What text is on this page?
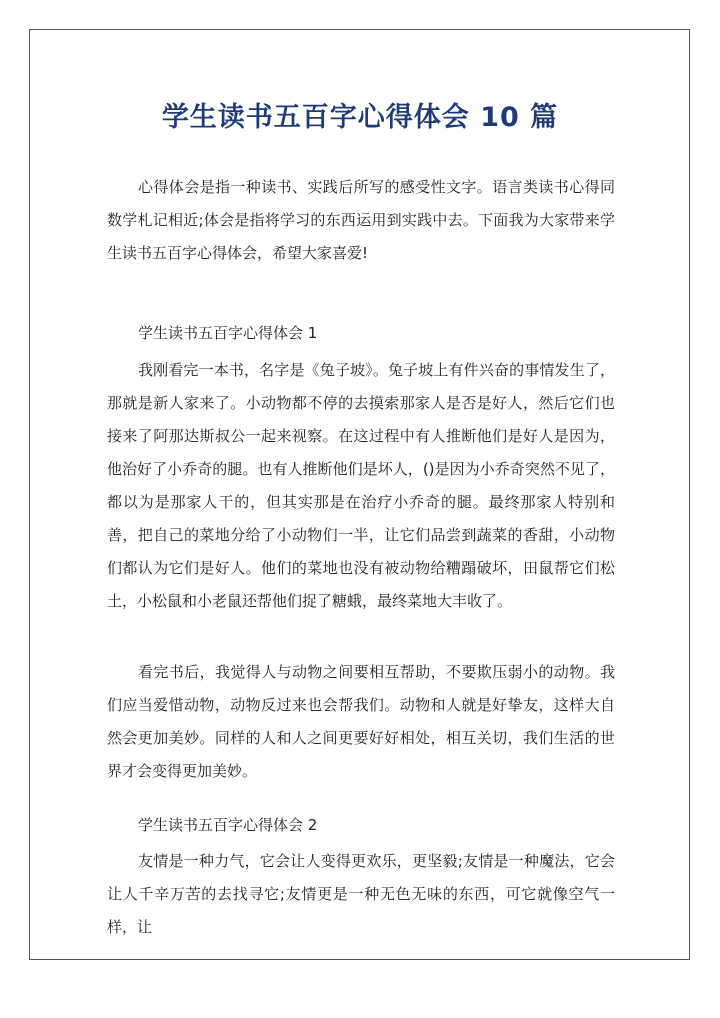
学生读书五百字心得体会 10 篇

心得体会是指一种读书、实践后所写的感受性文字。语言类读书心得同数学札记相近;体会是指将学习的东西运用到实践中去。下面我为大家带来学生读书五百字心得体会，希望大家喜爱!

学生读书五百字心得体会 1

我刚看完一本书，名字是《兔子坡》。兔子坡上有件兴奋的事情发生了，那就是新人家来了。小动物都不停的去摸索那家人是否是好人，然后它们也接来了阿那达斯叔公一起来视察。在这过程中有人推断他们是好人是因为，他治好了小乔奇的腿。也有人推断他们是坏人，()是因为小乔奇突然不见了，都以为是那家人干的，但其实那是在治疗小乔奇的腿。最终那家人特别和善，把自己的菜地分给了小动物们一半，让它们品尝到蔬菜的香甜，小动物们都认为它们是好人。他们的菜地也没有被动物给糟蹋破坏，田鼠帮它们松土，小松鼠和小老鼠还帮他们捉了糖蛾，最终菜地大丰收了。

看完书后，我觉得人与动物之间要相互帮助，不要欺压弱小的动物。我们应当爱惜动物，动物反过来也会帮我们。动物和人就是好挚友，这样大自然会更加美妙。同样的人和人之间更要好好相处，相互关切，我们生活的世界才会变得更加美妙。

学生读书五百字心得体会 2

友情是一种力气，它会让人变得更欢乐，更坚毅;友情是一种魔法，它会让人千辛万苦的去找寻它;友情更是一种无色无味的东西，可它就像空气一样，让
